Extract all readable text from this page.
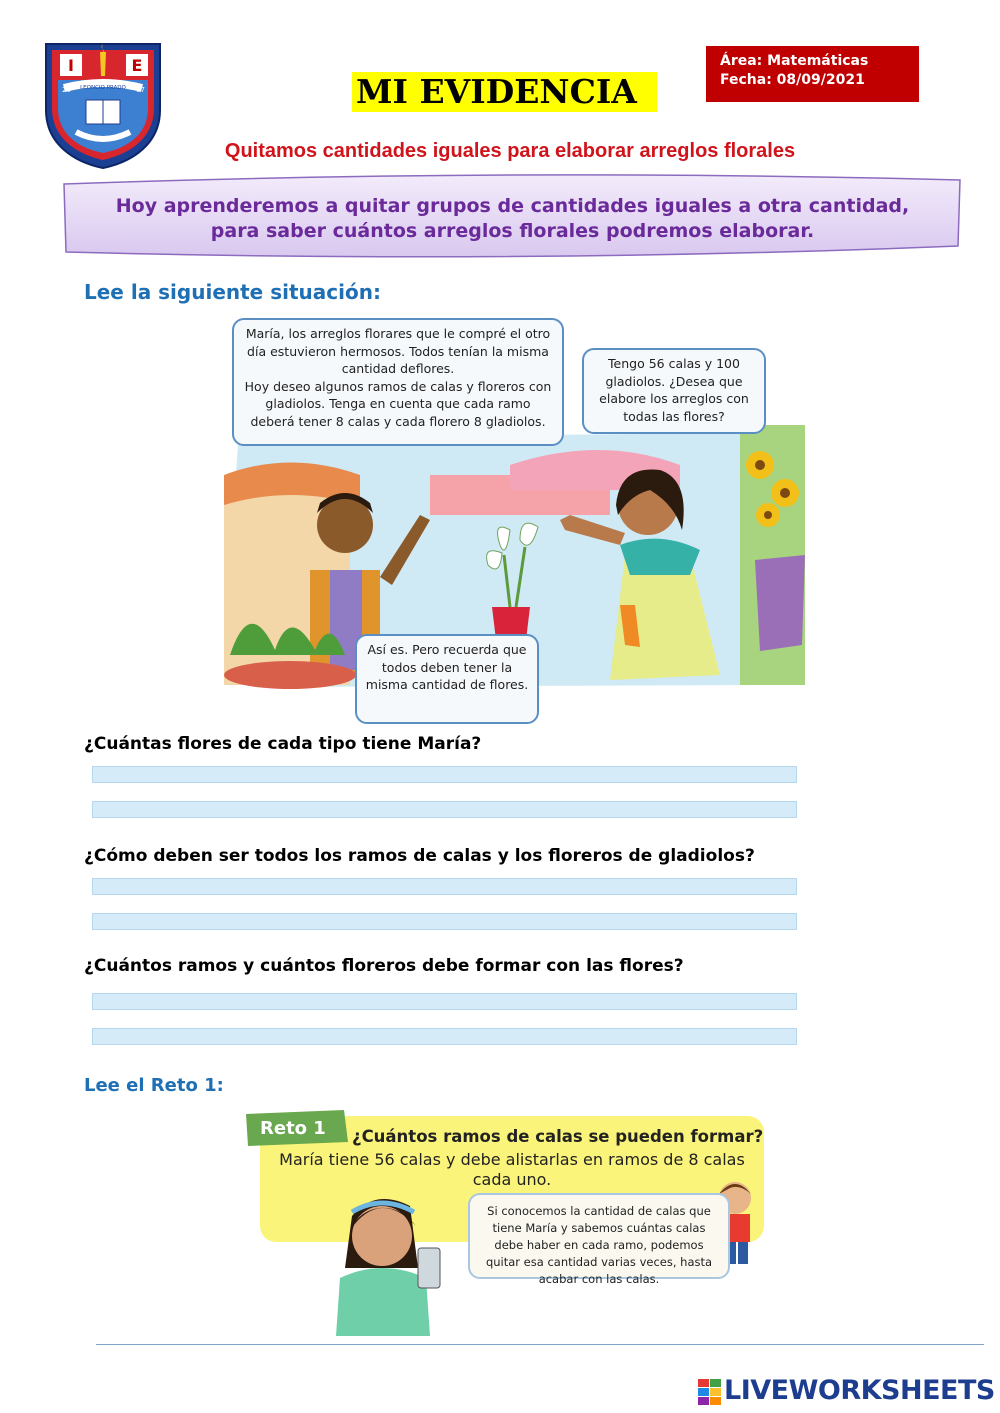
I	E
20	67
LEONCIO PRADO	MI EVIDENCIA
Área: Matemáticas
Fecha: 08/09/2021
Quitamos cantidades iguales para elaborar arreglos florales
Hoy aprenderemos a quitar grupos de cantidades iguales a otra cantidad,
para saber cuántos arreglos florales podremos elaborar.
Lee la siguiente situación:

María, los arreglos florares que le compré el otro día estuvieron hermosos. Todos tenían la misma cantidad deflores.

Hoy deseo algunos ramos de calas y floreros con gladiolos. Tenga en cuenta que cada ramo deberá tener 8 calas y cada florero 8 gladiolos.

Tengo 56 calas y 100 gladiolos. ¿Desea que elabore los arreglos con todas las flores?
Así es. Pero recuerda que todos deben tener la misma cantidad de flores.
¿Cuántas flores de cada tipo tiene María?
¿Cómo deben ser todos los ramos de calas y los floreros de gladiolos?
¿Cuántos ramos y cuántos floreros debe formar con las flores?
Lee el Reto 1:
Reto 1	¿Cuántos ramos de calas se pueden formar?
María tiene 56 calas y debe alistarlas en ramos de 8 calas cada uno.
Si conocemos la cantidad de calas que tiene María y sabemos cuántas calas debe haber en cada ramo, podemos quitar esa cantidad varias veces, hasta acabar con las calas.
LIVEWORKSHEETS
